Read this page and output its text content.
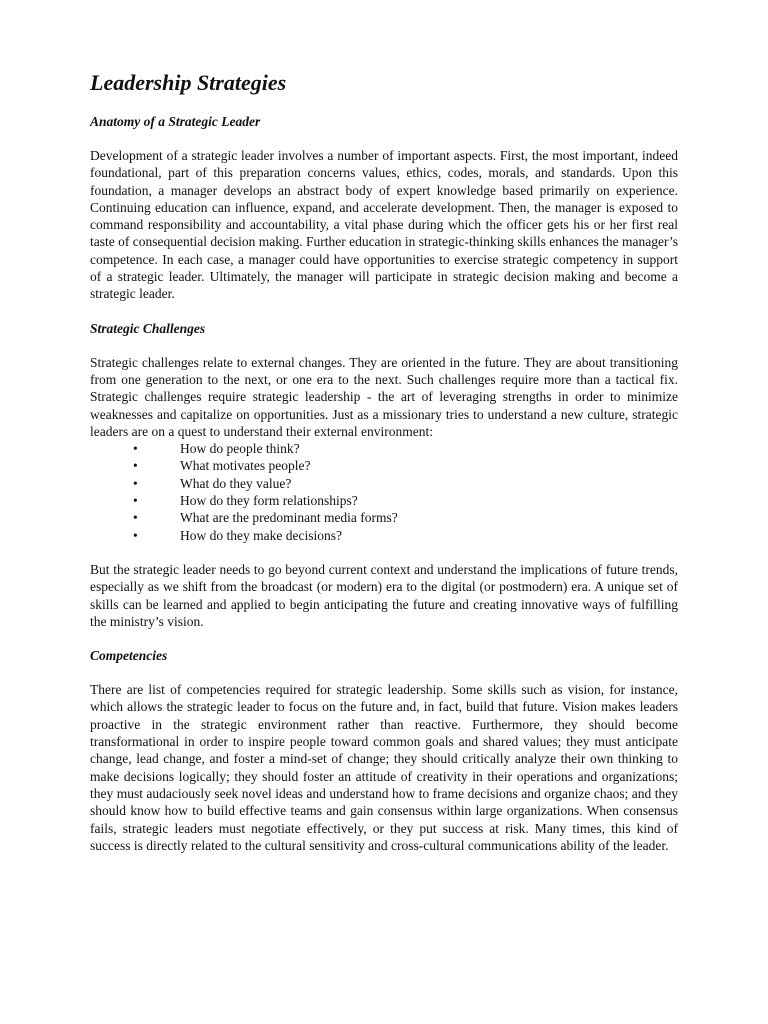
Leadership Strategies
Anatomy of a Strategic Leader

Development of a strategic leader involves a number of important aspects. First, the most important, indeed foundational, part of this preparation concerns values, ethics, codes, morals, and standards. Upon this foundation, a manager develops an abstract body of expert knowledge based primarily on experience. Continuing education can influence, expand, and accelerate development. Then, the manager is exposed to command responsibility and accountability, a vital phase during which the officer gets his or her first real taste of consequential decision making. Further education in strategic-thinking skills enhances the manager’s competence. In each case, a manager could have opportunities to exercise strategic competency in support of a strategic leader. Ultimately, the manager will participate in strategic decision making and become a strategic leader.

Strategic Challenges

Strategic challenges relate to external changes. They are oriented in the future. They are about transitioning from one generation to the next, or one era to the next. Such challenges require more than a tactical fix. Strategic challenges require strategic leadership - the art of leveraging strengths in order to minimize weaknesses and capitalize on opportunities. Just as a missionary tries to understand a new culture, strategic leaders are on a quest to understand their external environment:

• How do people think?
• What motivates people?
• What do they value?
• How do they form relationships?
• What are the predominant media forms?
• How do they make decisions?

But the strategic leader needs to go beyond current context and understand the implications of future trends, especially as we shift from the broadcast (or modern) era to the digital (or postmodern) era. A unique set of skills can be learned and applied to begin anticipating the future and creating innovative ways of fulfilling the ministry’s vision.

Competencies

There are list of competencies required for strategic leadership. Some skills such as vision, for instance, which allows the strategic leader to focus on the future and, in fact, build that future. Vision makes leaders proactive in the strategic environment rather than reactive. Furthermore, they should become transformational in order to inspire people toward common goals and shared values; they must anticipate change, lead change, and foster a mind-set of change; they should critically analyze their own thinking to make decisions logically; they should foster an attitude of creativity in their operations and organizations; they must audaciously seek novel ideas and understand how to frame decisions and organize chaos; and they should know how to build effective teams and gain consensus within large organizations. When consensus fails, strategic leaders must negotiate effectively, or they put success at risk. Many times, this kind of success is directly related to the cultural sensitivity and cross-cultural communications ability of the leader.
